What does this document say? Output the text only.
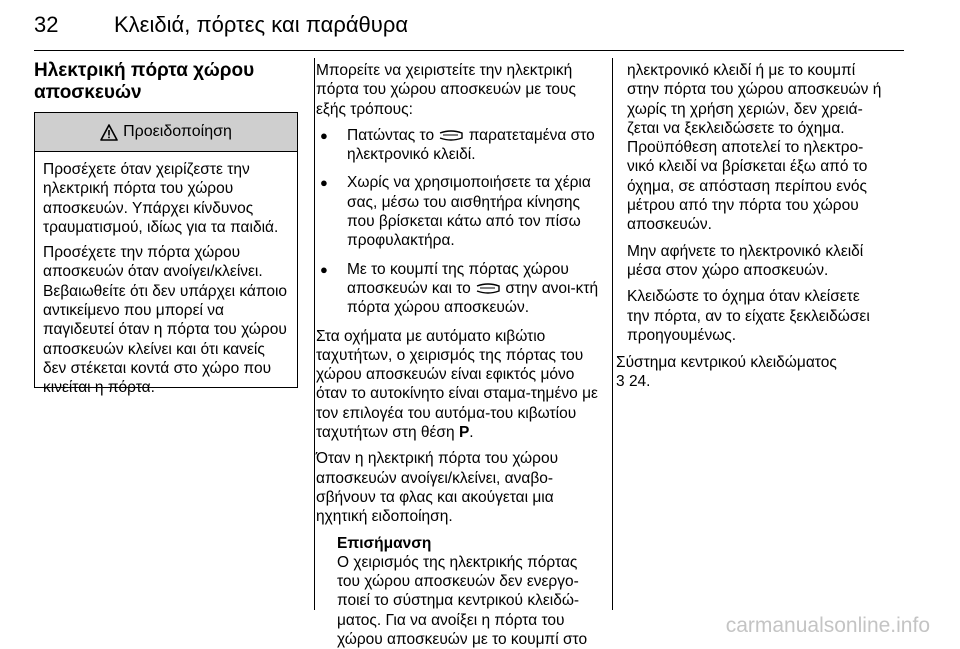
32	Κλειδιά, πόρτες και παράθυρα
Ηλεκτρική πόρτα χώρου
αποσκευών
Προειδοποίηση

Προσέχετε όταν χειρίζεστε την ηλεκτρική πόρτα του χώρου αποσκευών. Υπάρχει κίνδυνος τραυματισμού, ιδίως για τα παιδιά.

Προσέχετε την πόρτα χώρου αποσκευών όταν ανοίγει/κλείνει. Βεβαιωθείτε ότι δεν υπάρχει κάποιο αντικείμενο που μπορεί να παγιδευτεί όταν η πόρτα του χώρου αποσκευών κλείνει και ότι κανείς δεν στέκεται κοντά στο χώρο που κινείται η πόρτα.

Μπορείτε να χειριστείτε την ηλεκτρική πόρτα του χώρου αποσκευών με τους εξής τρόπους:

● Πατώντας το παρατεταμένα στο ηλεκτρονικό κλειδί.
● Χωρίς να χρησιμοποιήσετε τα χέρια σας, μέσω του αισθητήρα κίνησης που βρίσκεται κάτω από τον πίσω προφυλακτήρα.
● Με το κουμπί της πόρτας χώρου αποσκευών και το στην ανοι-κτή πόρτα χώρου αποσκευών.

Στα οχήματα με αυτόματο κιβώτιο ταχυτήτων, ο χειρισμός της πόρτας του χώρου αποσκευών είναι εφικτός μόνο όταν το αυτοκίνητο είναι σταμα-τημένο με τον επιλογέα του αυτόμα-του κιβωτίου ταχυτήτων στη θέση P.

Όταν η ηλεκτρική πόρτα του χώρου αποσκευών ανοίγει/κλείνει, αναβο-σβήνουν τα φλας και ακούγεται μια ηχητική ειδοποίηση.

Επισήμανση
Ο χειρισμός της ηλεκτρικής πόρτας του χώρου αποσκευών δεν ενεργο-ποιεί το σύστημα κεντρικού κλειδώ-ματος. Για να ανοίξει η πόρτα του χώρου αποσκευών με το κουμπί στο

ηλεκτρονικό κλειδί ή με το κουμπί στην πόρτα του χώρου αποσκευών ή χωρίς τη χρήση χεριών, δεν χρειά-ζεται να ξεκλειδώσετε το όχημα. Προϋπόθεση αποτελεί το ηλεκτρο-νικό κλειδί να βρίσκεται έξω από το όχημα, σε απόσταση περίπου ενός μέτρου από την πόρτα του χώρου αποσκευών.

Μην αφήνετε το ηλεκτρονικό κλειδί μέσα στον χώρο αποσκευών.

Κλειδώστε το όχημα όταν κλείσετε την πόρτα, αν το είχατε ξεκλειδώσει προηγουμένως.

Σύστημα κεντρικού κλειδώματος
3 24.
carmanualsonline.info
